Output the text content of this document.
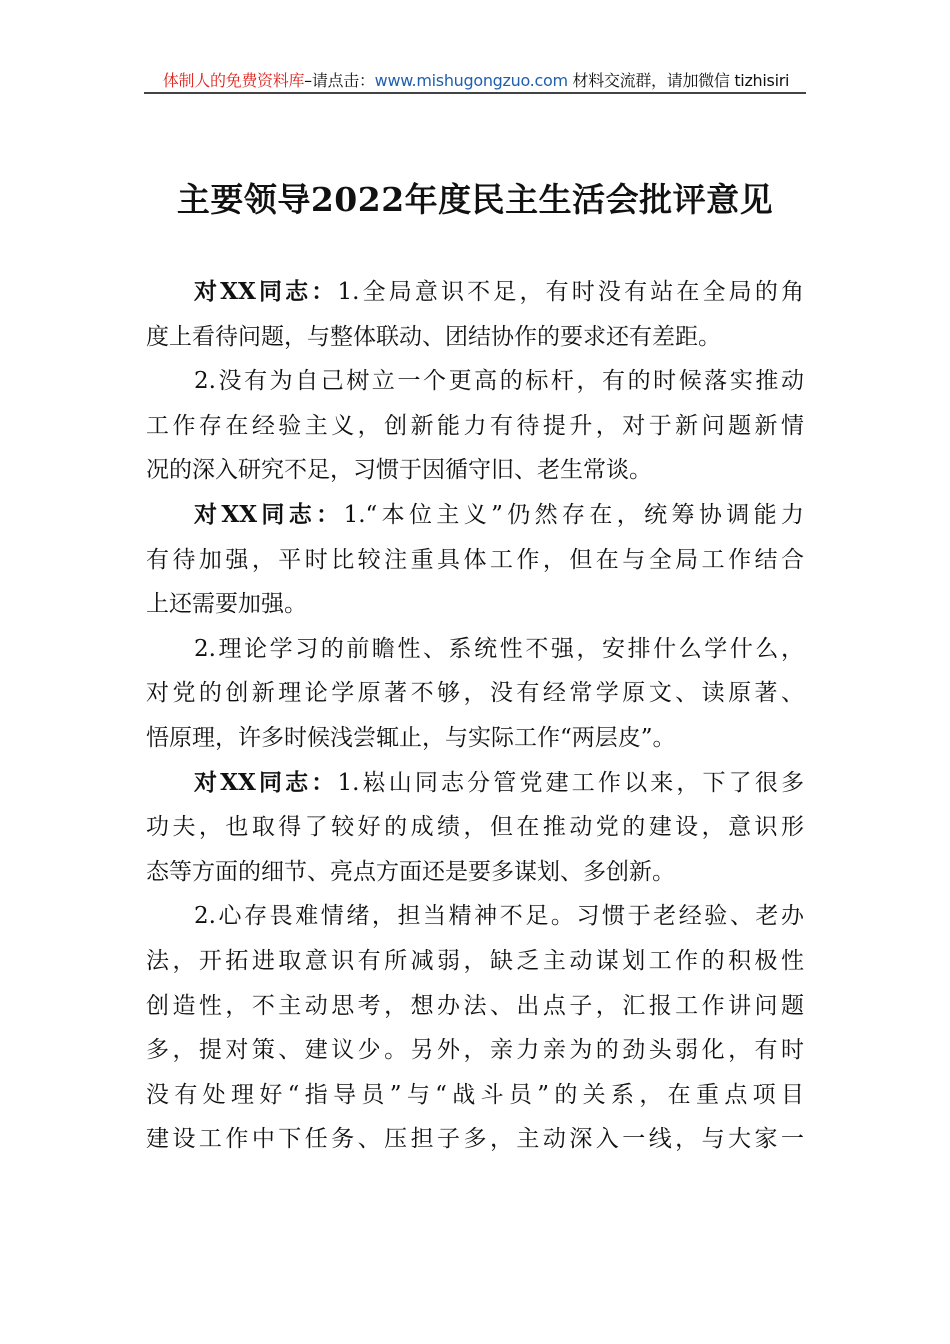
体制人的免费资料库–请点击：www.mishugongzuo.com 材料交流群，请加微信 tizhisiri
主要领导2022年度民主生活会批评意见
对XX同志：1.全局意识不足，有时没有站在全局的角
度上看待问题，与整体联动、团结协作的要求还有差距。
2.没有为自己树立一个更高的标杆，有的时候落实推动
工作存在经验主义，创新能力有待提升，对于新问题新情
况的深入研究不足，习惯于因循守旧、老生常谈。
对XX同志：1.“本位主义”仍然存在，统筹协调能力
有待加强，平时比较注重具体工作，但在与全局工作结合
上还需要加强。
2.理论学习的前瞻性、系统性不强，安排什么学什么，
对党的创新理论学原著不够，没有经常学原文、读原著、
悟原理，许多时候浅尝辄止，与实际工作“两层皮”。
对XX同志：1.崧山同志分管党建工作以来，下了很多
功夫，也取得了较好的成绩，但在推动党的建设，意识形
态等方面的细节、亮点方面还是要多谋划、多创新。
2.心存畏难情绪，担当精神不足。习惯于老经验、老办
法，开拓进取意识有所减弱，缺乏主动谋划工作的积极性
创造性，不主动思考，想办法、出点子，汇报工作讲问题
多，提对策、建议少。另外，亲力亲为的劲头弱化，有时
没有处理好“指导员”与“战斗员”的关系，在重点项目
建设工作中下任务、压担子多，主动深入一线，与大家一
